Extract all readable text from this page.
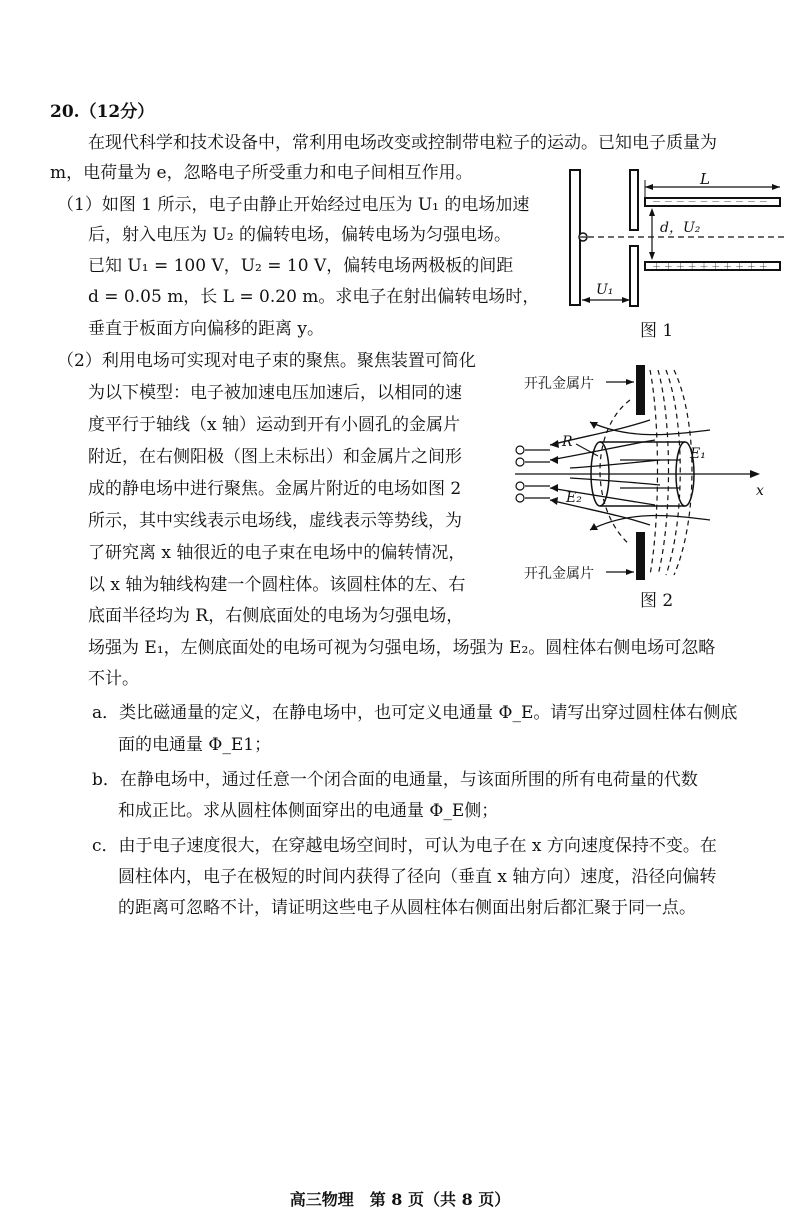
20.（12分）
在现代科学和技术设备中，常利用电场改变或控制带电粒子的运动。已知电子质量为
m，电荷量为 e，忽略电子所受重力和电子间相互作用。
（1）如图 1 所示，电子由静止开始经过电压为 U₁ 的电场加速
后，射入电压为 U₂ 的偏转电场，偏转电场为匀强电场。
已知 U₁ = 100 V，U₂ = 10 V，偏转电场两极板的间距
d = 0.05 m，长 L = 0.20 m。求电子在射出偏转电场时，
垂直于板面方向偏移的距离 y。
－ － － － － － － － － －
＋ ＋ ＋ ＋ ＋ ＋ ＋ ＋ ＋ ＋
L
d，U₂
U₁
图 1
（2）利用电场可实现对电子束的聚焦。聚焦装置可简化
为以下模型：电子被加速电压加速后，以相同的速
度平行于轴线（x 轴）运动到开有小圆孔的金属片
附近，在右侧阳极（图上未标出）和金属片之间形
成的静电场中进行聚焦。金属片附近的电场如图 2
所示，其中实线表示电场线，虚线表示等势线，为
了研究离 x 轴很近的电子束在电场中的偏转情况，
以 x 轴为轴线构建一个圆柱体。该圆柱体的左、右
底面半径均为 R，右侧底面处的电场为匀强电场，
场强为 E₁，左侧底面处的电场可视为匀强电场，场强为 E₂。圆柱体右侧电场可忽略
不计。
开孔金属片
开孔金属片
x
R
E₁
E₂
图 2
a．类比磁通量的定义，在静电场中，也可定义电通量 Φ_E。请写出穿过圆柱体右侧底
面的电通量 Φ_E1；
b．在静电场中，通过任意一个闭合面的电通量，与该面所围的所有电荷量的代数
和成正比。求从圆柱体侧面穿出的电通量 Φ_E侧；
c．由于电子速度很大，在穿越电场空间时，可认为电子在 x 方向速度保持不变。在
圆柱体内，电子在极短的时间内获得了径向（垂直 x 轴方向）速度，沿径向偏转
的距离可忽略不计，请证明这些电子从圆柱体右侧面出射后都汇聚于同一点。
高三物理　第 8 页（共 8 页）
